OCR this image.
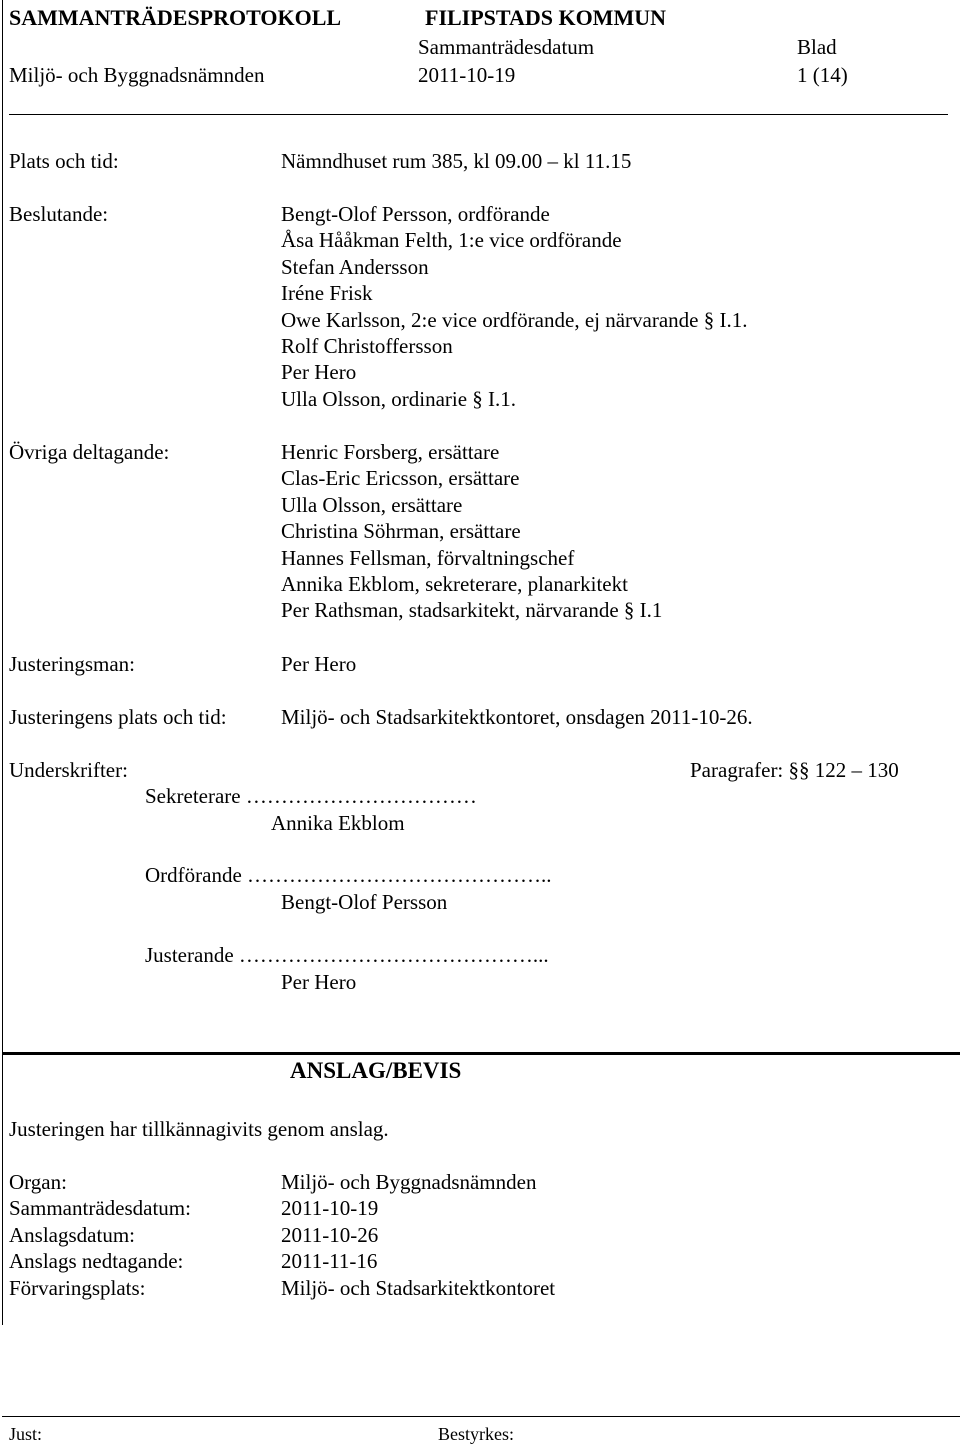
SAMMANTRÄDESPROTOKOLL	FILIPSTADS KOMMUN
Sammanträdesdatum	Blad
Miljö- och Byggnadsnämnden	2011-10-19	1 (14)
Plats och tid:	Nämndhuset rum 385, kl 09.00 – kl 11.15
Beslutande:	Bengt-Olof Persson, ordförande
Åsa Hååkman Felth, 1:e vice ordförande
Stefan Andersson
Iréne Frisk
Owe Karlsson, 2:e vice ordförande, ej närvarande § I.1.
Rolf Christoffersson
Per Hero
Ulla Olsson, ordinarie § I.1.
Övriga deltagande:	Henric Forsberg, ersättare
Clas-Eric Ericsson, ersättare
Ulla Olsson, ersättare
Christina Söhrman, ersättare
Hannes Fellsman, förvaltningschef
Annika Ekblom, sekreterare, planarkitekt
Per Rathsman, stadsarkitekt, närvarande § I.1
Justeringsman:	Per Hero
Justeringens plats och tid:	Miljö- och Stadsarkitektkontoret, onsdagen 2011-10-26.
Underskrifter:	Paragrafer: §§ 122 – 130
Sekreterare ……………………………
Annika Ekblom
Ordförande ……………………………………..
Bengt-Olof Persson
Justerande ……………………………………...
Per Hero
ANSLAG/BEVIS
Justeringen har tillkännagivits genom anslag.
Organ:	Miljö- och Byggnadsnämnden
Sammanträdesdatum:	2011-10-19
Anslagsdatum:	2011-10-26
Anslags nedtagande:	2011-11-16
Förvaringsplats:	Miljö- och Stadsarkitektkontoret
Just:	Bestyrkes:
